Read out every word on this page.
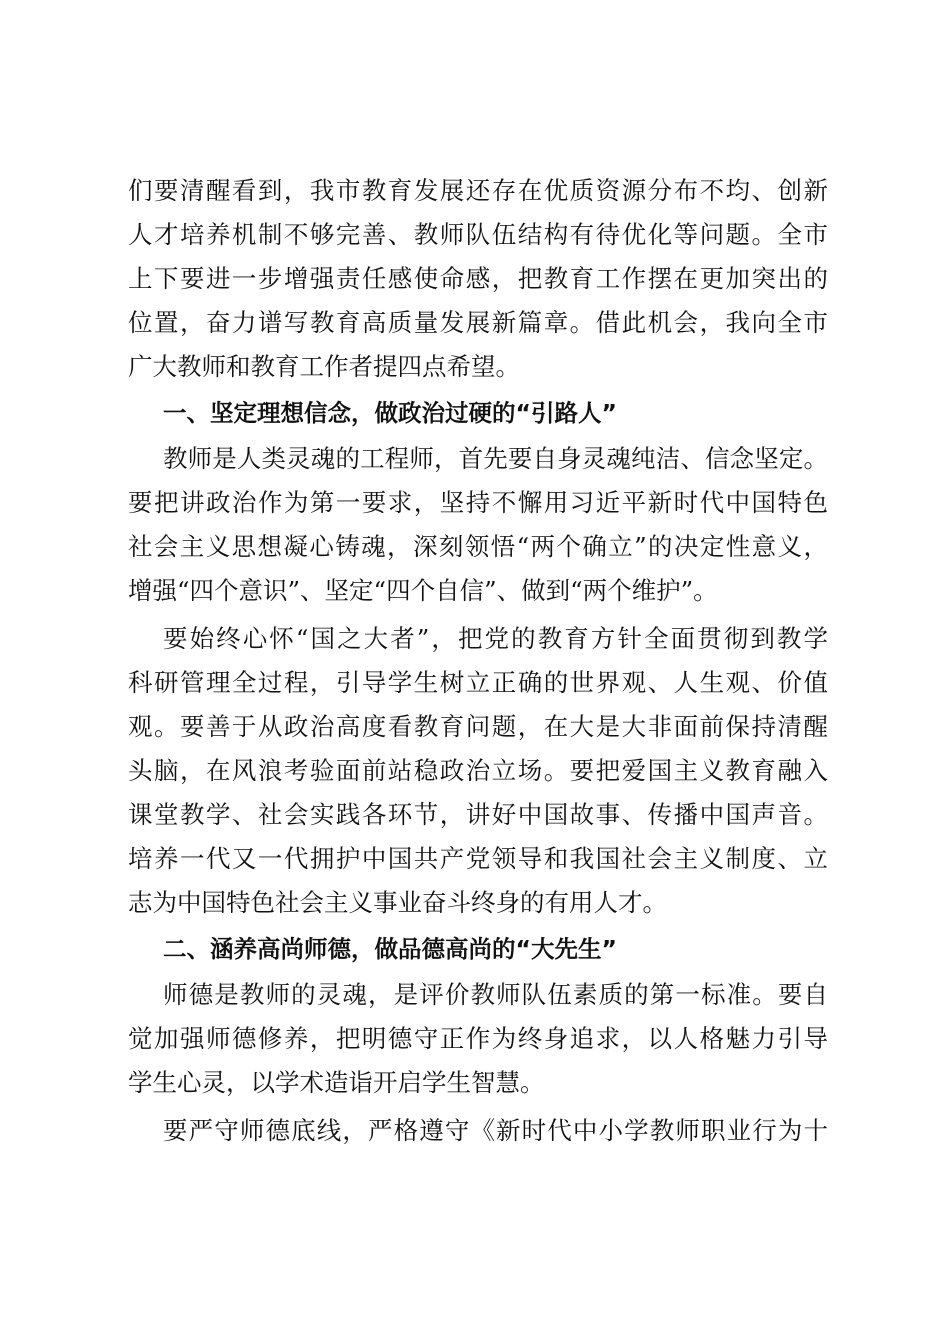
们要清醒看到，我市教育发展还存在优质资源分布不均、创新
人才培养机制不够完善、教师队伍结构有待优化等问题。全市
上下要进一步增强责任感使命感，把教育工作摆在更加突出的
位置，奋力谱写教育高质量发展新篇章。借此机会，我向全市
广大教师和教育工作者提四点希望。
一、坚定理想信念，做政治过硬的“引路人”
教师是人类灵魂的工程师，首先要自身灵魂纯洁、信念坚定。
要把讲政治作为第一要求，坚持不懈用习近平新时代中国特色
社会主义思想凝心铸魂，深刻领悟“两个确立”的决定性意义，
增强“四个意识”、坚定“四个自信”、做到“两个维护”。
要始终心怀“国之大者”，把党的教育方针全面贯彻到教学
科研管理全过程，引导学生树立正确的世界观、人生观、价值
观。要善于从政治高度看教育问题，在大是大非面前保持清醒
头脑，在风浪考验面前站稳政治立场。要把爱国主义教育融入
课堂教学、社会实践各环节，讲好中国故事、传播中国声音。
培养一代又一代拥护中国共产党领导和我国社会主义制度、立
志为中国特色社会主义事业奋斗终身的有用人才。
二、涵养高尚师德，做品德高尚的“大先生”
师德是教师的灵魂，是评价教师队伍素质的第一标准。要自
觉加强师德修养，把明德守正作为终身追求，以人格魅力引导
学生心灵，以学术造诣开启学生智慧。
要严守师德底线，严格遵守《新时代中小学教师职业行为十
